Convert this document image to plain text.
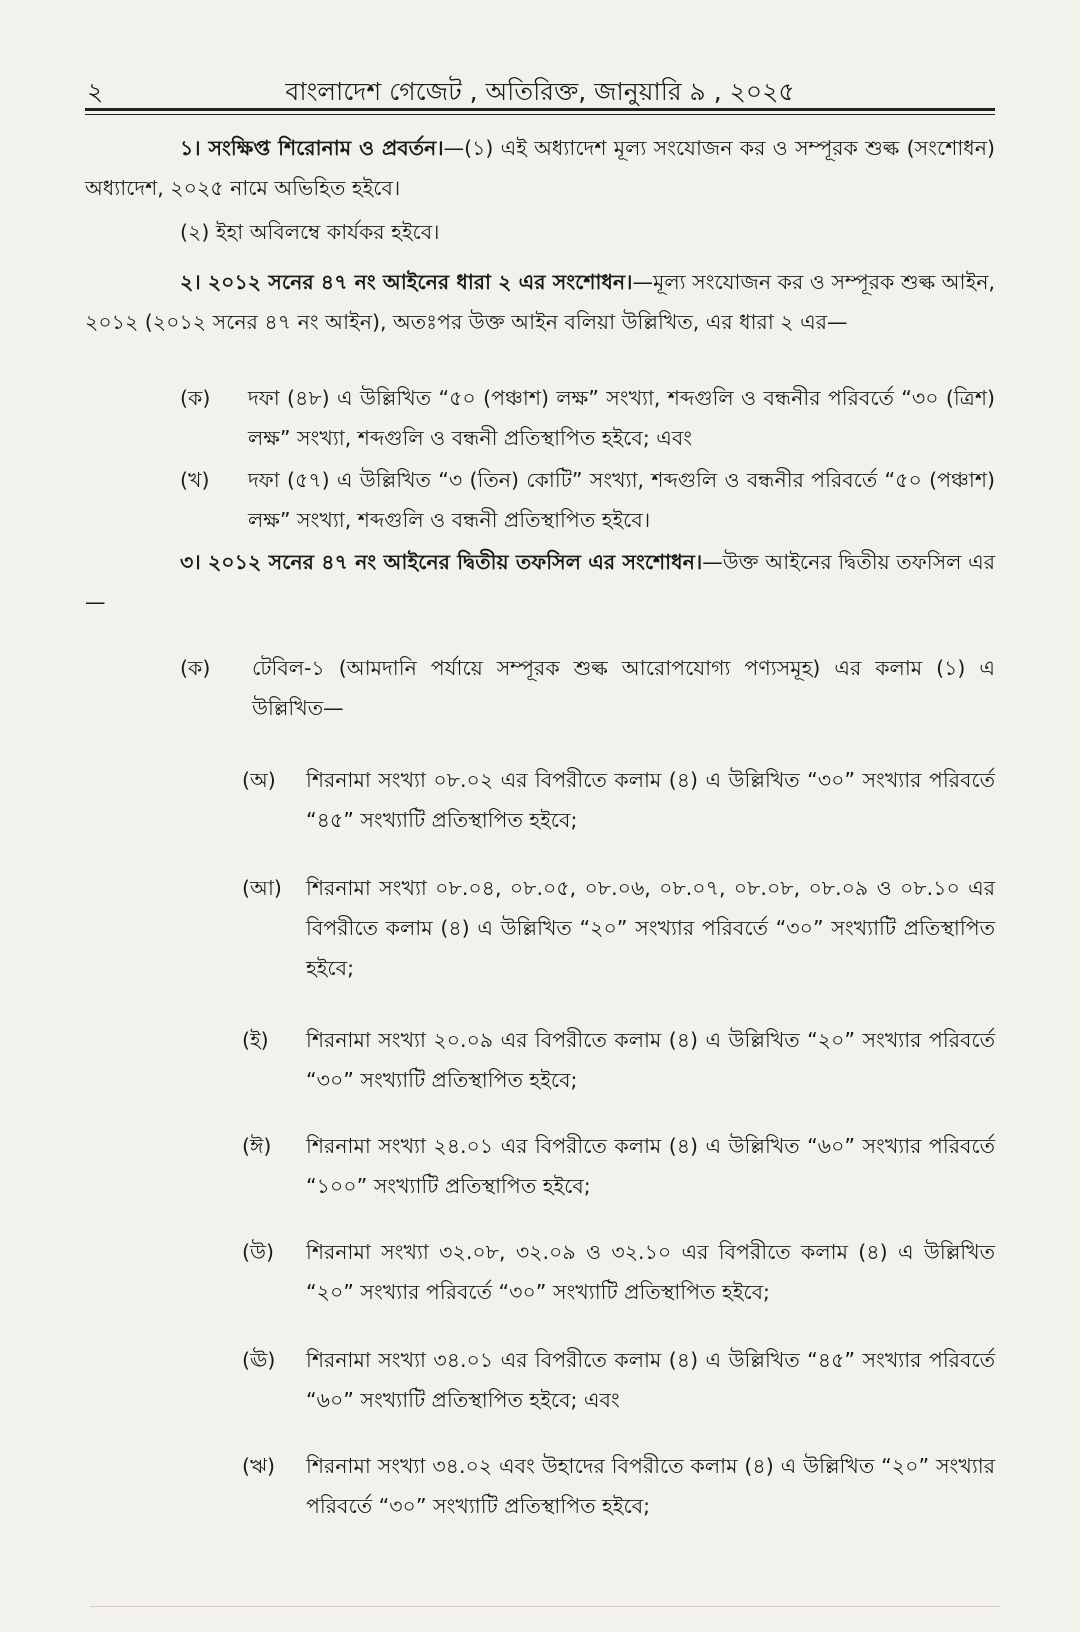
২	বাংলাদেশ গেজেট , অতিরিক্ত, জানুয়ারি ৯ , ২০২৫
১। সংক্ষিপ্ত শিরোনাম ও প্রবর্তন।—(১) এই অধ্যাদেশ মূল্য সংযোজন কর ও সম্পূরক শুল্ক (সংশোধন) অধ্যাদেশ, ২০২৫ নামে অভিহিত হইবে।
(২) ইহা অবিলম্বে কার্যকর হইবে।
২। ২০১২ সনের ৪৭ নং আইনের ধারা ২ এর সংশোধন।—মূল্য সংযোজন কর ও সম্পূরক শুল্ক আইন, ২০১২ (২০১২ সনের ৪৭ নং আইন), অতঃপর উক্ত আইন বলিয়া উল্লিখিত, এর ধারা ২ এর—
(ক) দফা (৪৮) এ উল্লিখিত “৫০ (পঞ্চাশ) লক্ষ” সংখ্যা, শব্দগুলি ও বন্ধনীর পরিবর্তে “৩০ (ত্রিশ) লক্ষ” সংখ্যা, শব্দগুলি ও বন্ধনী প্রতিস্থাপিত হইবে; এবং
(খ) দফা (৫৭) এ উল্লিখিত “৩ (তিন) কোটি” সংখ্যা, শব্দগুলি ও বন্ধনীর পরিবর্তে “৫০ (পঞ্চাশ) লক্ষ” সংখ্যা, শব্দগুলি ও বন্ধনী প্রতিস্থাপিত হইবে।
৩। ২০১২ সনের ৪৭ নং আইনের দ্বিতীয় তফসিল এর সংশোধন।—উক্ত আইনের দ্বিতীয় তফসিল এর—
(ক) টেবিল-১ (আমদানি পর্যায়ে সম্পূরক শুল্ক আরোপযোগ্য পণ্যসমূহ) এর কলাম (১) এ উল্লিখিত—
(অ) শিরনামা সংখ্যা ০৮.০২ এর বিপরীতে কলাম (৪) এ উল্লিখিত “৩০” সংখ্যার পরিবর্তে “৪৫” সংখ্যাটি প্রতিস্থাপিত হইবে;
(আ) শিরনামা সংখ্যা ০৮.০৪, ০৮.০৫, ০৮.০৬, ০৮.০৭, ০৮.০৮, ০৮.০৯ ও ০৮.১০ এর বিপরীতে কলাম (৪) এ উল্লিখিত “২০” সংখ্যার পরিবর্তে “৩০” সংখ্যাটি প্রতিস্থাপিত হইবে;
(ই) শিরনামা সংখ্যা ২০.০৯ এর বিপরীতে কলাম (৪) এ উল্লিখিত “২০” সংখ্যার পরিবর্তে “৩০” সংখ্যাটি প্রতিস্থাপিত হইবে;
(ঈ) শিরনামা সংখ্যা ২৪.০১ এর বিপরীতে কলাম (৪) এ উল্লিখিত “৬০” সংখ্যার পরিবর্তে “১০০” সংখ্যাটি প্রতিস্থাপিত হইবে;
(উ) শিরনামা সংখ্যা ৩২.০৮, ৩২.০৯ ও ৩২.১০ এর বিপরীতে কলাম (৪) এ উল্লিখিত “২০” সংখ্যার পরিবর্তে “৩০” সংখ্যাটি প্রতিস্থাপিত হইবে;
(ঊ) শিরনামা সংখ্যা ৩৪.০১ এর বিপরীতে কলাম (৪) এ উল্লিখিত “৪৫” সংখ্যার পরিবর্তে “৬০” সংখ্যাটি প্রতিস্থাপিত হইবে; এবং
(ঋ) শিরনামা সংখ্যা ৩৪.০২ এবং উহাদের বিপরীতে কলাম (৪) এ উল্লিখিত “২০” সংখ্যার পরিবর্তে “৩০” সংখ্যাটি প্রতিস্থাপিত হইবে;
